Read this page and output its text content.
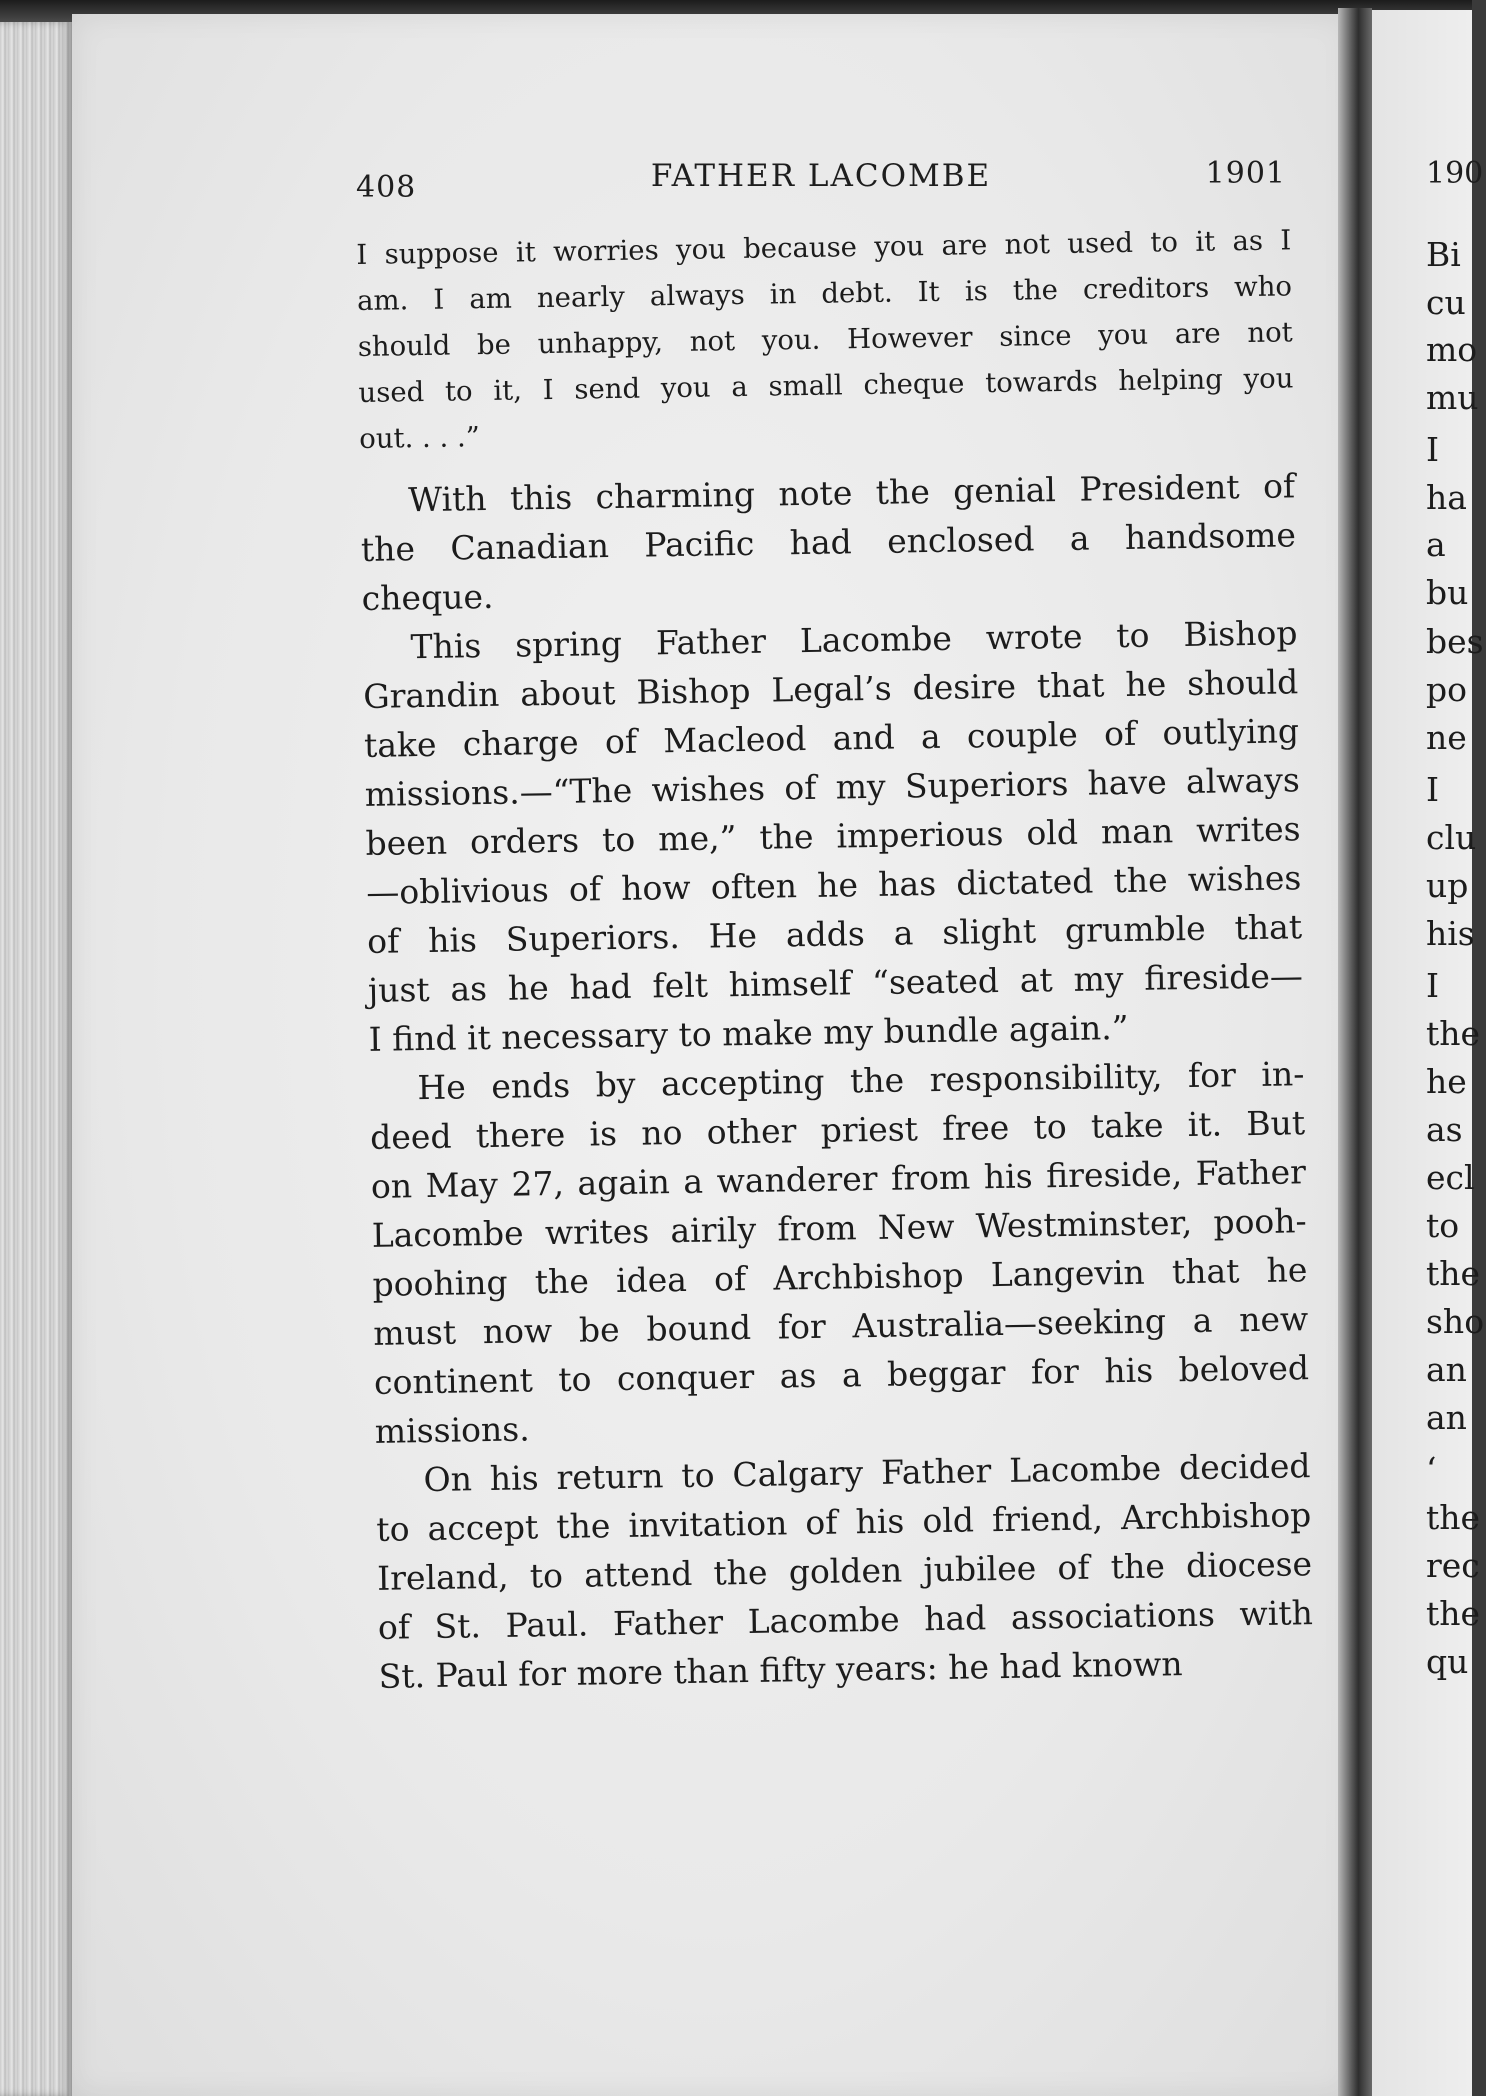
408	FATHER LACOMBE	1901
I suppose it worries you because you are not used to it as I
am. I am nearly always in debt. It is the creditors who
should be unhappy, not you. However since you are not
used to it, I send you a small cheque towards helping you
out. . . .”
With this charming note the genial President of
the Canadian Pacific had enclosed a handsome
cheque.
This spring Father Lacombe wrote to Bishop
Grandin about Bishop Legal’s desire that he should
take charge of Macleod and a couple of outlying
missions.—“The wishes of my Superiors have always
been orders to me,” the imperious old man writes
—oblivious of how often he has dictated the wishes
of his Superiors. He adds a slight grumble that
just as he had felt himself “seated at my fireside—
I find it necessary to make my bundle again.”
He ends by accepting the responsibility, for in-
deed there is no other priest free to take it. But
on May 27, again a wanderer from his fireside, Father
Lacombe writes airily from New Westminster, pooh-
poohing the idea of Archbishop Langevin that he
must now be bound for Australia—seeking a new
continent to conquer as a beggar for his beloved
missions.
On his return to Calgary Father Lacombe decided
to accept the invitation of his old friend, Archbishop
Ireland, to attend the golden jubilee of the diocese
of St. Paul. Father Lacombe had associations with
St. Paul for more than fifty years: he had known
190
Bi
cu
mo
mu
I
ha
a
bu
bes
po
ne
I
clu
up
his
I
the
he
as
ecl
to
the
sho
an
an
‘
the
rec
the
qu
